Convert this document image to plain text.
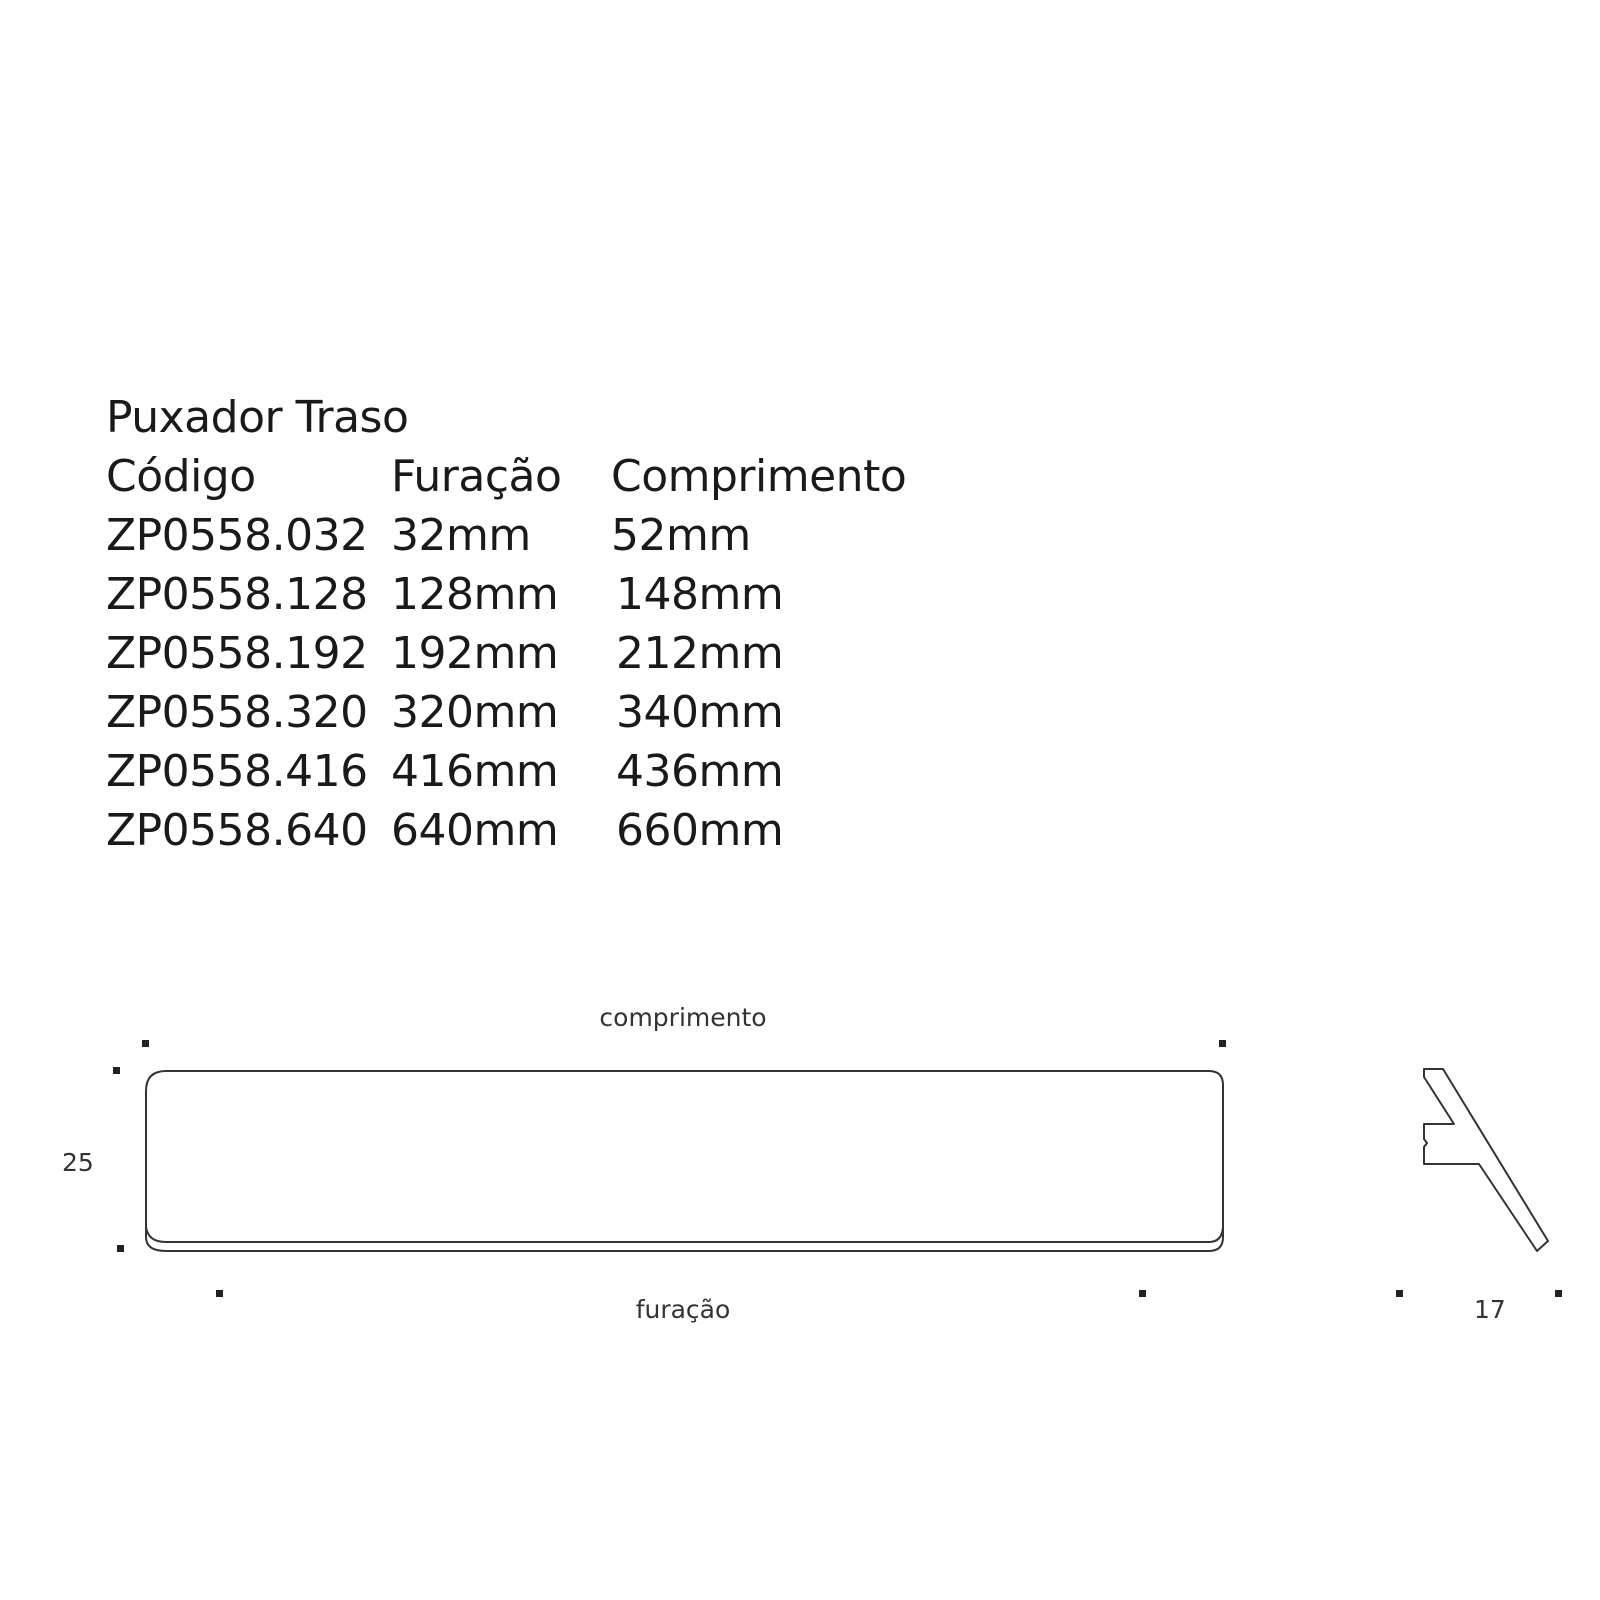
Puxador Traso
Código	Furação Comprimento
ZP0558.032 32mm 52mm
ZP0558.128 128mm 148mm
ZP0558.192 192mm 212mm
ZP0558.320 320mm 340mm
ZP0558.416 416mm 436mm
ZP0558.640 640mm 660mm
comprimento
furação
25
17
